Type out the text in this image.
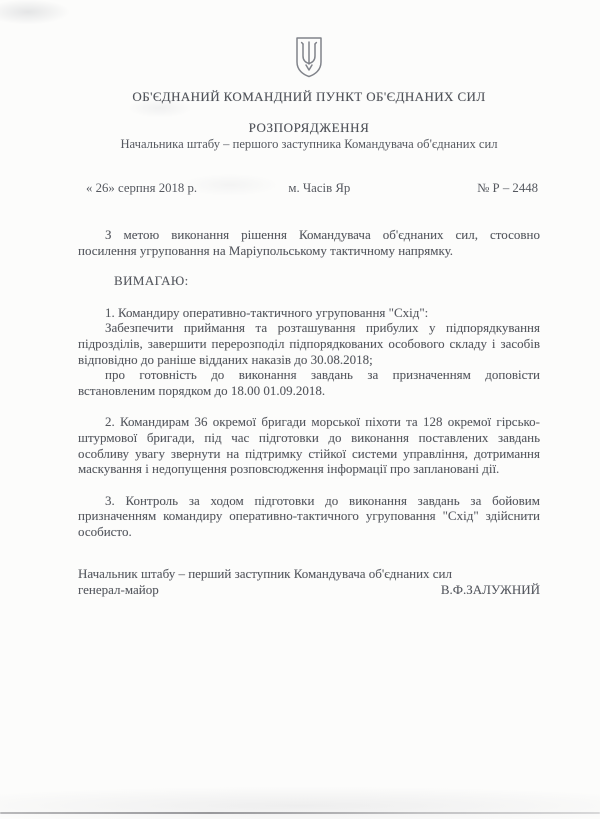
ОБ'ЄДНАНИЙ КОМАНДНИЙ ПУНКТ ОБ'ЄДНАНИХ СИЛ
РОЗПОРЯДЖЕННЯ
Начальника штабу – першого заступника Командувача об'єднаних сил
« 26» серпня 2018 р.	м. Часів Яр	№ Р – 2448

З метою виконання рішення Командувача об'єднаних сил, стосовно посилення угруповання на Маріупольському тактичному напрямку.

ВИМАГАЮ:

1. Командиру оперативно-тактичного угруповання "Схід":

Забезпечити приймання та розташування прибулих у підпорядкування підрозділів, завершити перерозподіл підпорядкованих особового складу і засобів відповідно до раніше відданих наказів до 30.08.2018;

про готовність до виконання завдань за призначенням доповісти встановленим порядком до 18.00 01.09.2018.

2. Командирам 36 окремої бригади морської піхоти та 128 окремої гірсько-штурмової бригади, під час підготовки до виконання поставлених завдань особливу увагу звернути на підтримку стійкої системи управління, дотримання маскування і недопущення розповсюдження інформації про заплановані дії.

3. Контроль за ходом підготовки до виконання завдань за бойовим призначенням командиру оперативно-тактичного угруповання "Схід" здійснити особисто.

Начальник штабу – перший заступник Командувача об'єднаних сил
генерал-майор	В.Ф.ЗАЛУЖНИЙ
